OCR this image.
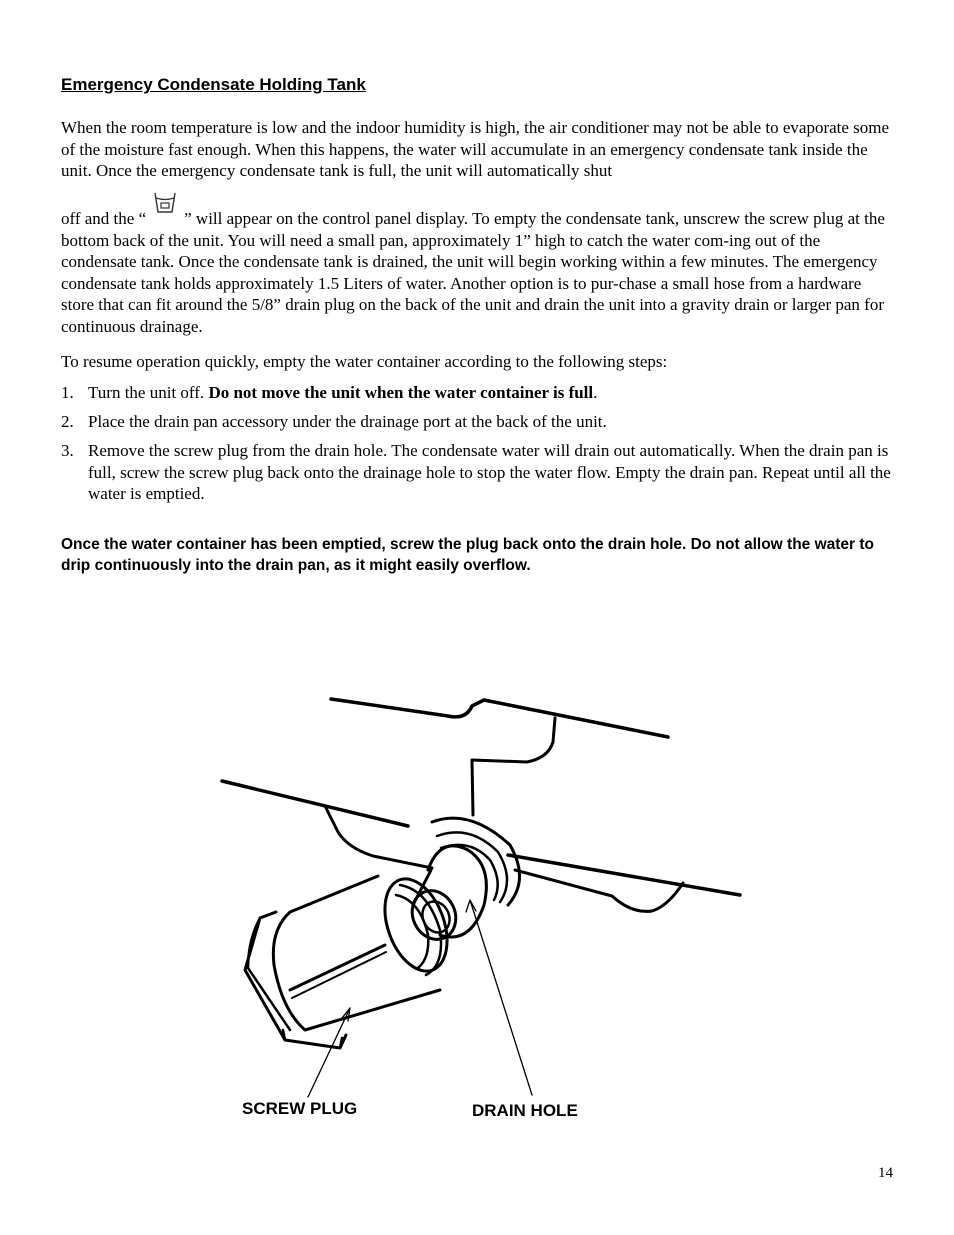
Emergency Condensate Holding Tank

When the room temperature is low and the indoor humidity is high, the air conditioner may not be able to evaporate some of the moisture fast enough. When this happens, the water will accumulate in an emergency condensate tank inside the unit. Once the emergency condensate tank is full, the unit will automatically shut

off and the “ ” will appear on the control panel display. To empty the condensate tank, unscrew the screw plug at the bottom back of the unit. You will need a small pan, approximately 1” high to catch the water com-ing out of the condensate tank. Once the condensate tank is drained, the unit will begin working within a few minutes. The emergency condensate tank holds approximately 1.5 Liters of water. Another option is to pur-chase a small hose from a hardware store that can fit around the 5/8” drain plug on the back of the unit and drain the unit into a gravity drain or larger pan for continuous drainage.

To resume operation quickly, empty the water container according to the following steps:

1. Turn the unit off. Do not move the unit when the water container is full.
2. Place the drain pan accessory under the drainage port at the back of the unit.
3. Remove the screw plug from the drain hole. The condensate water will drain out automatically. When the drain pan is full, screw the screw plug back onto the drainage hole to stop the water flow. Empty the drain pan. Repeat until all the water is emptied.

Once the water container has been emptied, screw the plug back onto the drain hole. Do not allow the water to drip continuously into the drain pan, as it might easily overflow.

SCREW PLUG	DRAIN HOLE
14
